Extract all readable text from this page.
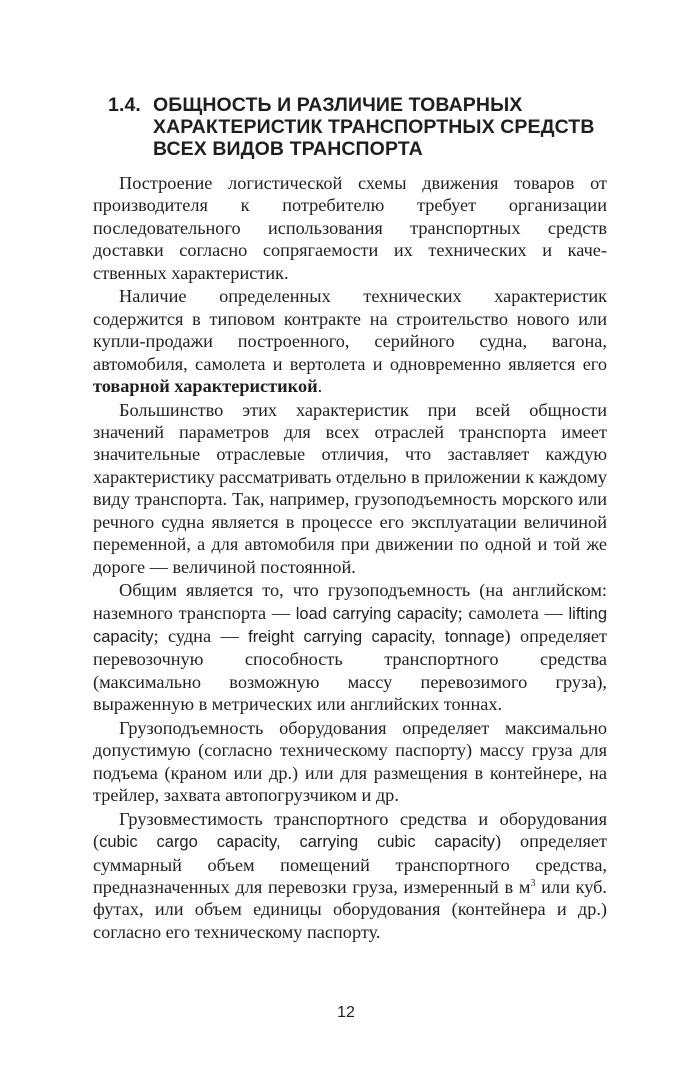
1.4. ОБЩНОСТЬ И РАЗЛИЧИЕ ТОВАРНЫХ
ХАРАКТЕРИСТИК ТРАНСПОРТНЫХ СРЕДСТВ
ВСЕХ ВИДОВ ТРАНСПОРТА

Построение логистической схемы движения товаров от производителя к потребителю требует организации последовательного использования транспортных средств доставки согласно сопрягаемости их технических и качественных характеристик.

Наличие определенных технических характеристик содержится в типовом контракте на строительство нового или купли-продажи построенного, серийного судна, вагона, автомобиля, самолета и вертолета и одновременно является его товарной характеристикой.

Большинство этих характеристик при всей общности значений параметров для всех отраслей транспорта имеет значительные отраслевые отличия, что заставляет каждую характеристику рассматривать отдельно в приложении к каждому виду транспорта. Так, например, грузоподъемность морского или речного судна является в процессе его эксплуатации величиной переменной, а для автомобиля при движении по одной и той же дороге — величиной постоянной.

Общим является то, что грузоподъемность (на английском: наземного транспорта — load carrying capacity; самолета — lifting capacity; судна — freight carrying capacity, tonnage) определяет перевозочную способность транспортного средства (максимально возможную массу перевозимого груза), выраженную в метрических или английских тоннах.

Грузоподъемность оборудования определяет максимально допустимую (согласно техническому паспорту) массу груза для подъема (краном или др.) или для размещения в контейнере, на трейлер, захвата автопогрузчиком и др.

Грузовместимость транспортного средства и оборудования (cubic cargo capacity, carrying cubic capacity) определяет суммарный объем помещений транспортного средства, предназначенных для перевозки груза, измеренный в $м^3$ или куб. футах, или объем единицы оборудования (контейнера и др.) согласно его техническому паспорту.

12
